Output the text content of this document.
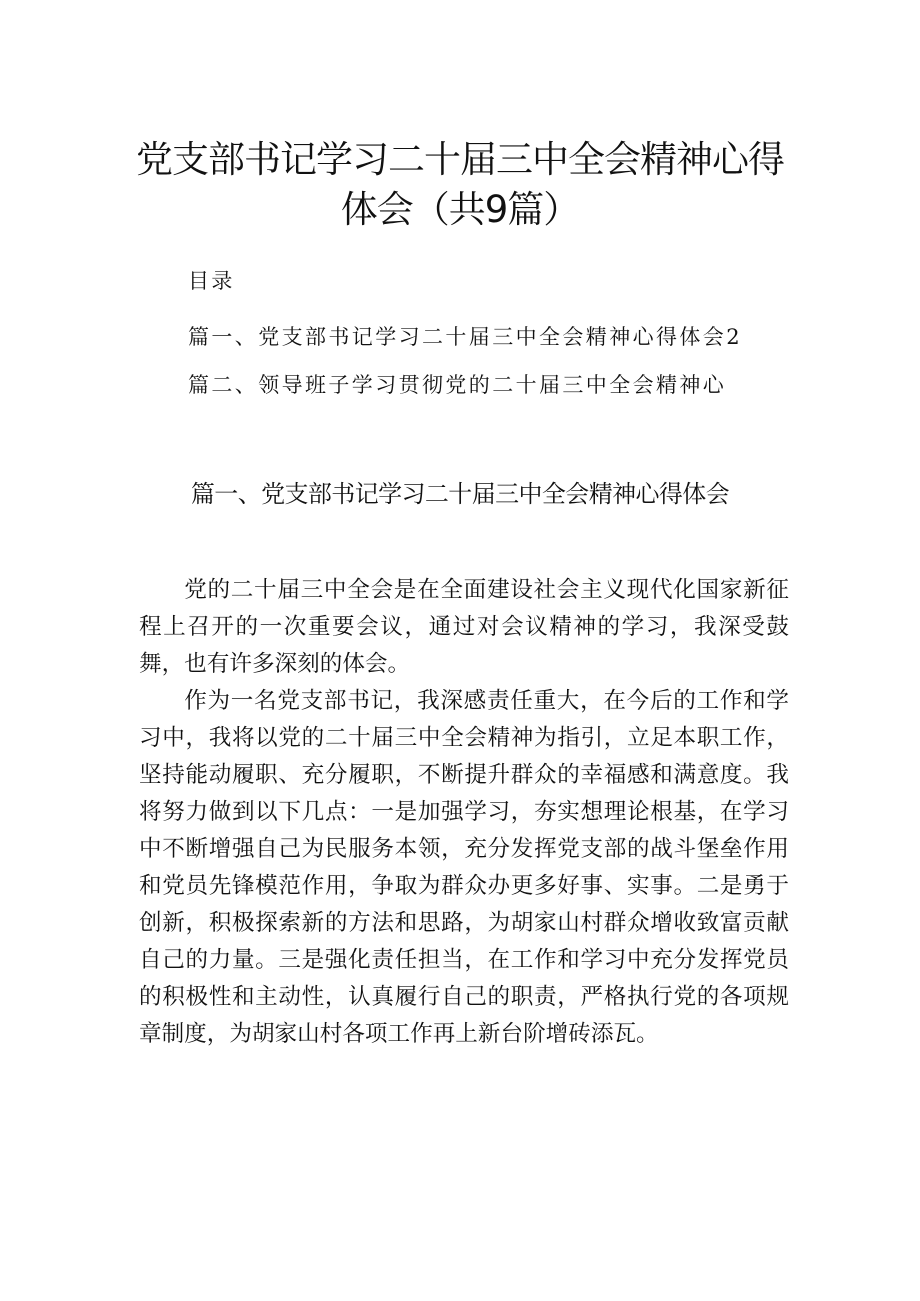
党支部书记学习二十届三中全会精神心得
体会（共9篇）
目录
篇一、党支部书记学习二十届三中全会精神心得体会2
篇二、领导班子学习贯彻党的二十届三中全会精神心
篇一、党支部书记学习二十届三中全会精神心得体会

党的二十届三中全会是在全面建设社会主义现代化国家新征程上召开的一次重要会议，通过对会议精神的学习，我深受鼓舞，也有许多深刻的体会。

作为一名党支部书记，我深感责任重大，在今后的工作和学习中，我将以党的二十届三中全会精神为指引，立足本职工作，坚持能动履职、充分履职，不断提升群众的幸福感和满意度。我将努力做到以下几点：一是加强学习，夯实想理论根基，在学习中不断增强自己为民服务本领，充分发挥党支部的战斗堡垒作用和党员先锋模范作用，争取为群众办更多好事、实事。二是勇于创新，积极探索新的方法和思路，为胡家山村群众增收致富贡献自己的力量。三是强化责任担当，在工作和学习中充分发挥党员的积极性和主动性，认真履行自己的职责，严格执行党的各项规章制度，为胡家山村各项工作再上新台阶增砖添瓦。
